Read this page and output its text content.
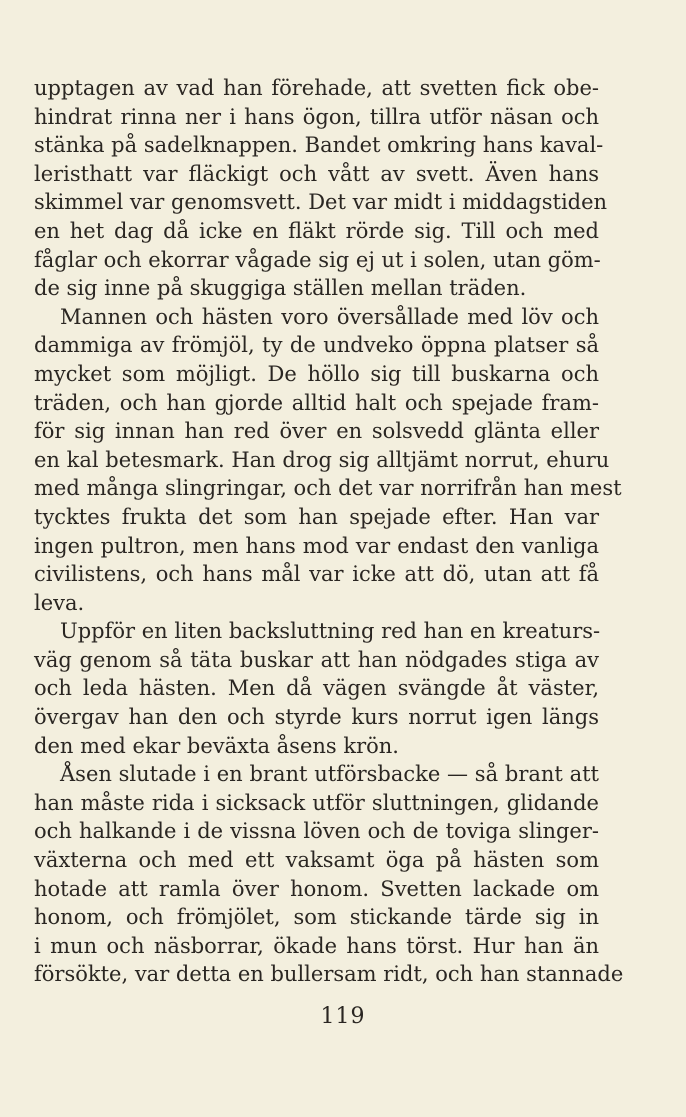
upptagen av vad han förehade, att svetten fick obe-
hindrat rinna ner i hans ögon, tillra utför näsan och
stänka på sadelknappen. Bandet omkring hans kaval-
leristhatt var fläckigt och vått av svett. Även hans
skimmel var genomsvett. Det var midt i middagstiden
en het dag då icke en fläkt rörde sig. Till och med
fåglar och ekorrar vågade sig ej ut i solen, utan göm-
de sig inne på skuggiga ställen mellan träden.
Mannen och hästen voro översållade med löv och
dammiga av frömjöl, ty de undveko öppna platser så
mycket som möjligt. De höllo sig till buskarna och
träden, och han gjorde alltid halt och spejade fram-
för sig innan han red över en solsvedd glänta eller
en kal betesmark. Han drog sig alltjämt norrut, ehuru
med många slingringar, och det var norrifrån han mest
tycktes frukta det som han spejade efter. Han var
ingen pultron, men hans mod var endast den vanliga
civilistens, och hans mål var icke att dö, utan att få
leva.
Uppför en liten backsluttning red han en kreaturs-
väg genom så täta buskar att han nödgades stiga av
och leda hästen. Men då vägen svängde åt väster,
övergav han den och styrde kurs norrut igen längs
den med ekar beväxta åsens krön.
Åsen slutade i en brant utförsbacke — så brant att
han måste rida i sicksack utför sluttningen, glidande
och halkande i de vissna löven och de toviga slinger-
växterna och med ett vaksamt öga på hästen som
hotade att ramla över honom. Svetten lackade om
honom, och frömjölet, som stickande tärde sig in
i mun och näsborrar, ökade hans törst. Hur han än
försökte, var detta en bullersam ridt, och han stannade
119
